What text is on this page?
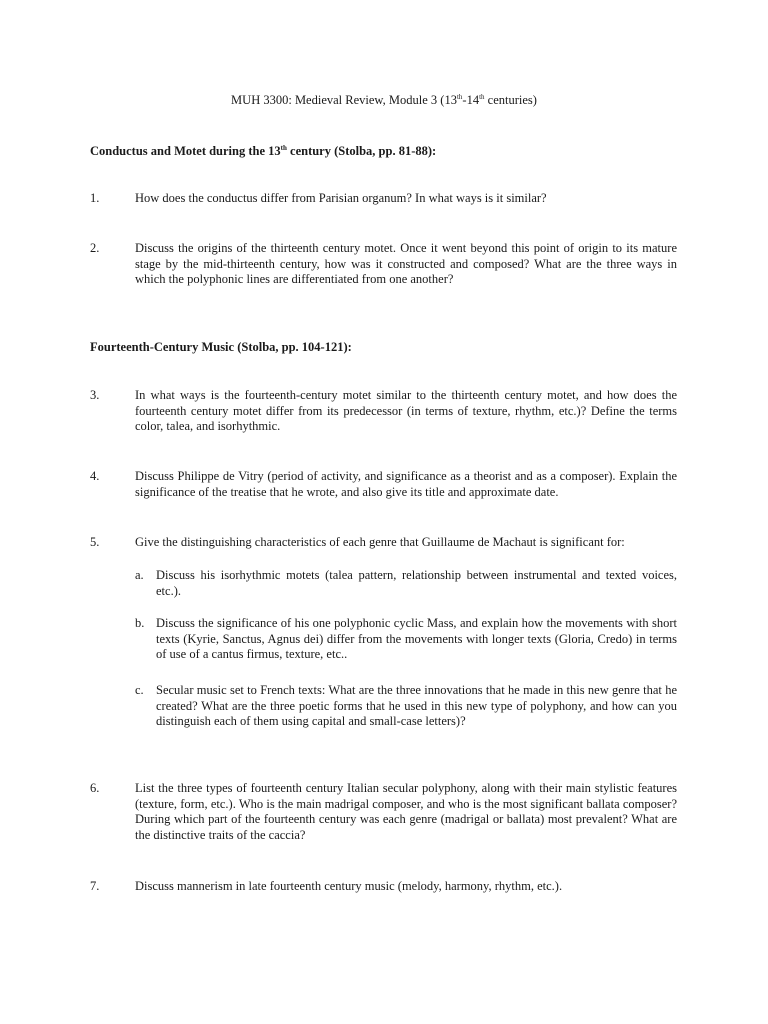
MUH 3300: Medieval Review, Module 3 (13th-14th centuries)
Conductus and Motet during the 13th century (Stolba, pp. 81-88):
1.	How does the conductus differ from Parisian organum? In what ways is it similar?
2.	Discuss the origins of the thirteenth century motet. Once it went beyond this point of origin to its mature stage by the mid-thirteenth century, how was it constructed and composed? What are the three ways in which the polyphonic lines are differentiated from one another?
Fourteenth-Century Music (Stolba, pp. 104-121):
3.	In what ways is the fourteenth-century motet similar to the thirteenth century motet, and how does the fourteenth century motet differ from its predecessor (in terms of texture, rhythm, etc.)? Define the terms color, talea, and isorhythmic.
4.	Discuss Philippe de Vitry (period of activity, and significance as a theorist and as a composer). Explain the significance of the treatise that he wrote, and also give its title and approximate date.
5.	Give the distinguishing characteristics of each genre that Guillaume de Machaut is significant for:
a. Discuss his isorhythmic motets (talea pattern, relationship between instrumental and texted voices, etc.).
b. Discuss the significance of his one polyphonic cyclic Mass, and explain how the movements with short texts (Kyrie, Sanctus, Agnus dei) differ from the movements with longer texts (Gloria, Credo) in terms of use of a cantus firmus, texture, etc..
c. Secular music set to French texts: What are the three innovations that he made in this new genre that he created? What are the three poetic forms that he used in this new type of polyphony, and how can you distinguish each of them using capital and small-case letters)?
6.	List the three types of fourteenth century Italian secular polyphony, along with their main stylistic features (texture, form, etc.). Who is the main madrigal composer, and who is the most significant ballata composer? During which part of the fourteenth century was each genre (madrigal or ballata) most prevalent? What are the distinctive traits of the caccia?
7.	Discuss mannerism in late fourteenth century music (melody, harmony, rhythm, etc.).
